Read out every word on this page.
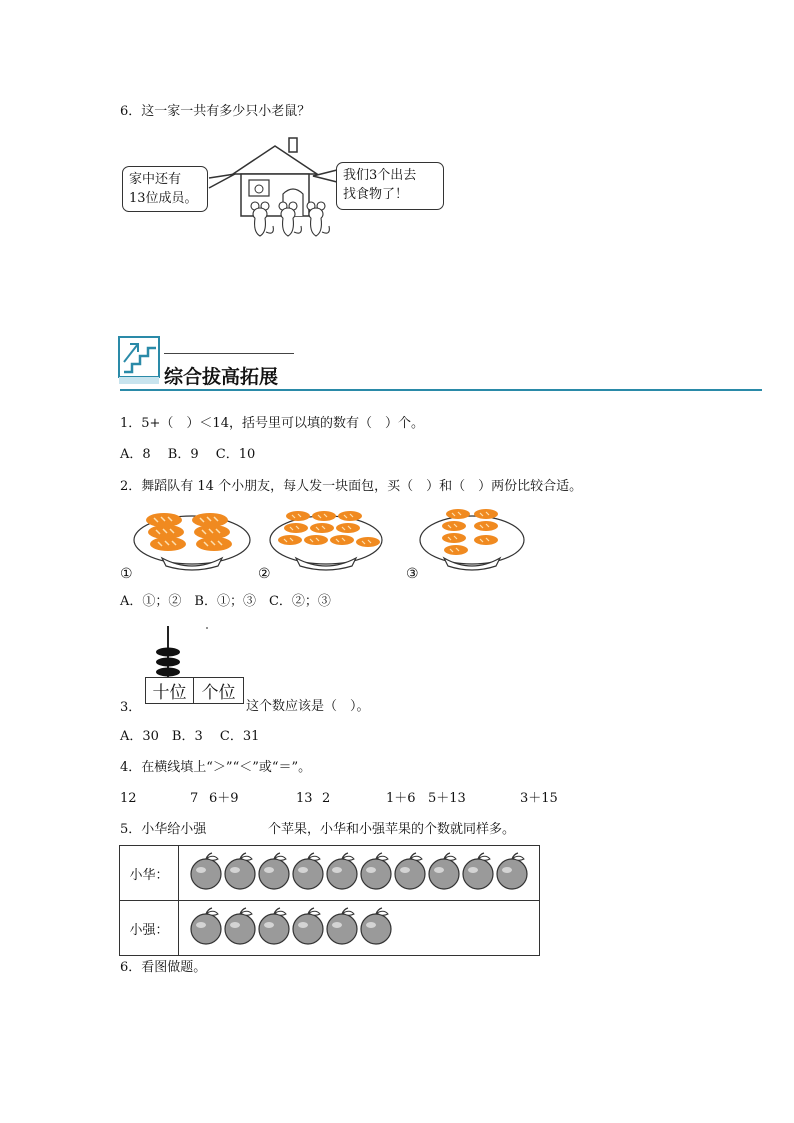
6．这一家一共有多少只小老鼠？
家中还有
13位成员。
我们3个出去
找食物了！
综合拔高拓展
1．5+（　）＜14，括号里可以填的数有（　）个。
A．8　 B．9　 C．10
2．舞蹈队有 14 个小朋友，每人发一块面包，买（　）和（　）两份比较合适。
①	②	③
A．①；②　B．①；③　C．②；③
十位 个位
3．	这个数应该是（　）。
A．30　B．3　 C．31
4．在横线填上“＞”“＜”或“＝”。
12	7 6＋9	13 2	1＋6 5＋13	3＋15
5．小华给小强	个苹果，小华和小强苹果的个数就同样多。
小华：	
小强：	
6．看图做题。
